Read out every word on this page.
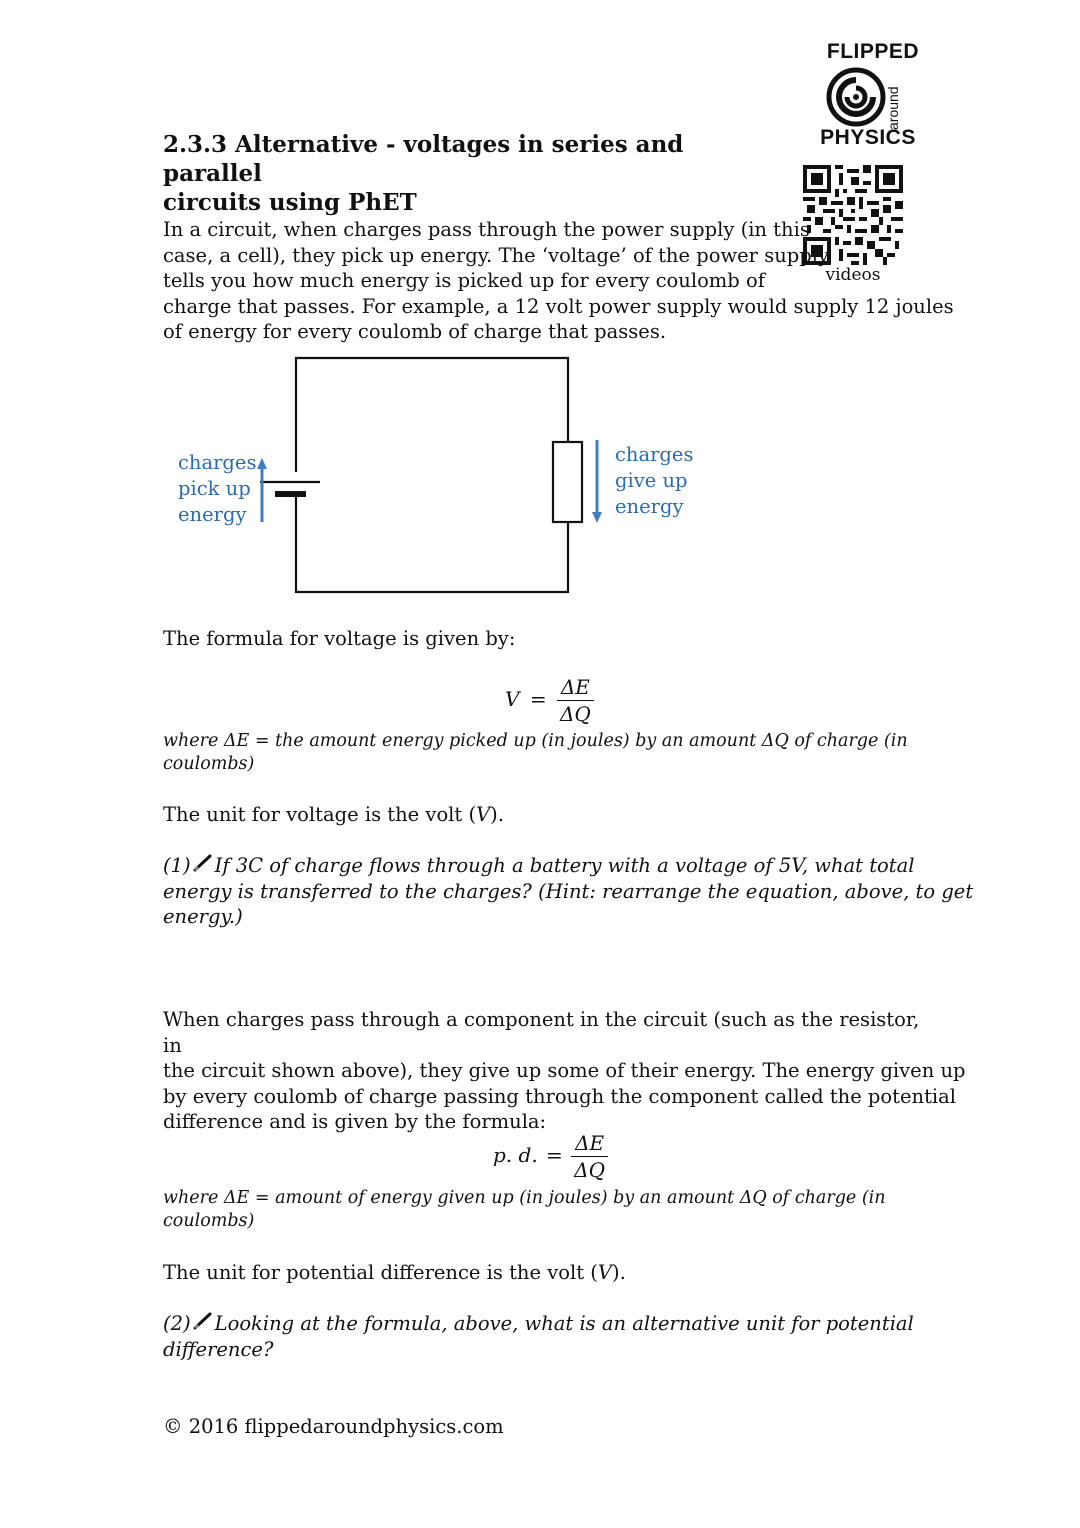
FLIPPED
around
PHYSICS
videos
2.3.3 Alternative - voltages in series and parallel
circuits using PhET
In a circuit, when charges pass through the power supply (in this
case, a cell), they pick up energy. The ‘voltage’ of the power supply
tells you how much energy is picked up for every coulomb of
charge that passes. For example, a 12 volt power supply would supply 12 joules
of energy for every coulomb of charge that passes.
charges
pick up
energy
charges
give up
energy
The formula for voltage is given by:
$V = \frac{\Delta E}{\Delta Q}$
where ΔE = the amount energy picked up (in joules) by an amount ΔQ of charge (in
coulombs)
The unit for voltage is the volt (V).
(1) If 3C of charge flows through a battery with a voltage of 5V, what total
energy is transferred to the charges? (Hint: rearrange the equation, above, to get
energy.)
When charges pass through a component in the circuit (such as the resistor, in
the circuit shown above), they give up some of their energy. The energy given up
by every coulomb of charge passing through the component called the potential
difference and is given by the formula:
p. d. = $\frac{\Delta E}{\Delta Q}$
where ΔE = amount of energy given up (in joules) by an amount ΔQ of charge (in
coulombs)
The unit for potential difference is the volt (V).
(2) Looking at the formula, above, what is an alternative unit for potential
difference?
© 2016 flippedaroundphysics.com
